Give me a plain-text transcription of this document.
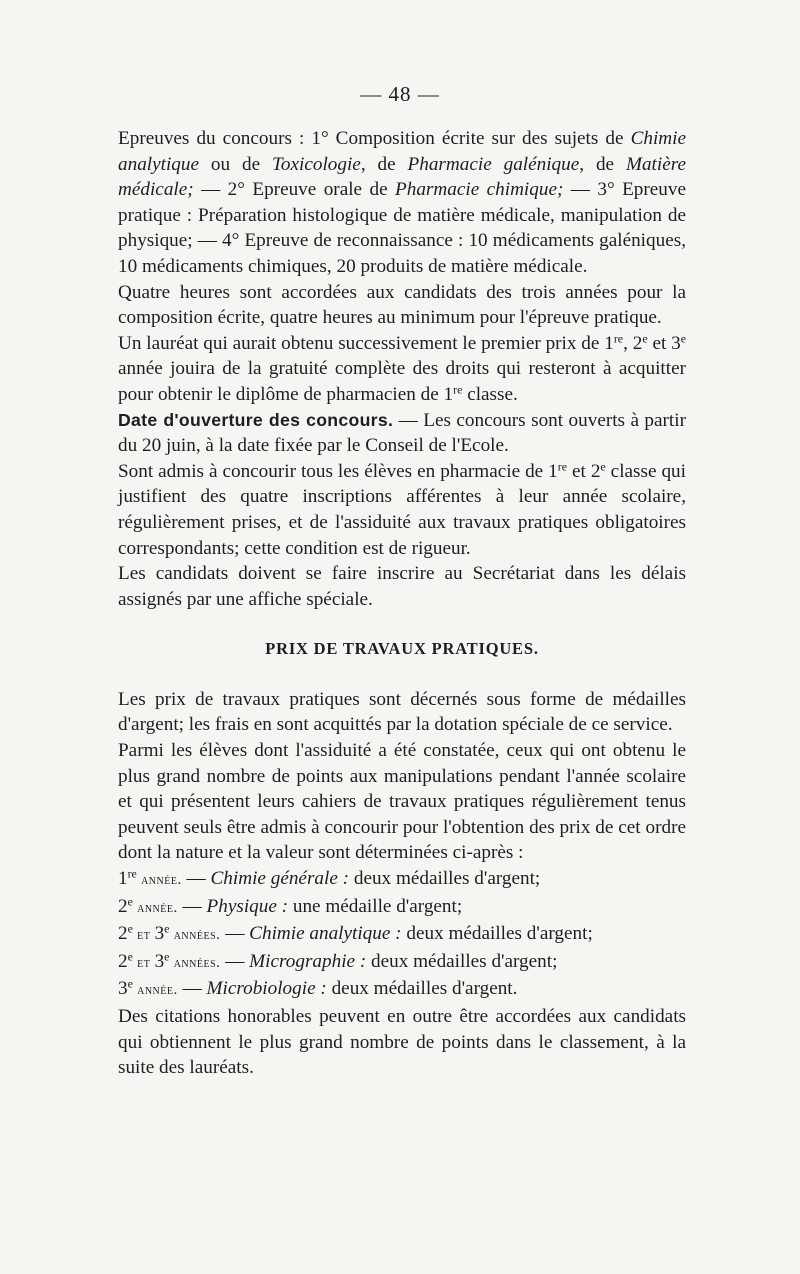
— 48 —

Epreuves du concours : 1° Composition écrite sur des sujets de Chimie analytique ou de Toxicologie, de Pharmacie galénique, de Matière médicale; — 2° Epreuve orale de Pharmacie chimique; — 3° Epreuve pratique : Préparation histologique de matière médicale, manipulation de physique; — 4° Epreuve de reconnaissance : 10 médicaments galéniques, 10 médicaments chimiques, 20 produits de matière médicale.

Quatre heures sont accordées aux candidats des trois années pour la composition écrite, quatre heures au minimum pour l'épreuve pratique.

Un lauréat qui aurait obtenu successivement le premier prix de 1re, 2e et 3e année jouira de la gratuité complète des droits qui resteront à acquitter pour obtenir le diplôme de pharmacien de 1re classe.

Date d'ouverture des concours. — Les concours sont ouverts à partir du 20 juin, à la date fixée par le Conseil de l'Ecole.

Sont admis à concourir tous les élèves en pharmacie de 1re et 2e classe qui justifient des quatre inscriptions afférentes à leur année scolaire, régulièrement prises, et de l'assiduité aux travaux pratiques obligatoires correspondants; cette condition est de rigueur.

Les candidats doivent se faire inscrire au Secrétariat dans les délais assignés par une affiche spéciale.

PRIX DE TRAVAUX PRATIQUES.

Les prix de travaux pratiques sont décernés sous forme de médailles d'argent; les frais en sont acquittés par la dotation spéciale de ce service.

Parmi les élèves dont l'assiduité a été constatée, ceux qui ont obtenu le plus grand nombre de points aux manipulations pendant l'année scolaire et qui présentent leurs cahiers de travaux pratiques régulièrement tenus peuvent seuls être admis à concourir pour l'obtention des prix de cet ordre dont la nature et la valeur sont déterminées ci-après :

1re année. — Chimie générale : deux médailles d'argent;

2e année. — Physique : une médaille d'argent;

2e et 3e années. — Chimie analytique : deux médailles d'argent;

2e et 3e années. — Micrographie : deux médailles d'argent;

3e année. — Microbiologie : deux médailles d'argent.

Des citations honorables peuvent en outre être accordées aux candidats qui obtiennent le plus grand nombre de points dans le classement, à la suite des lauréats.
